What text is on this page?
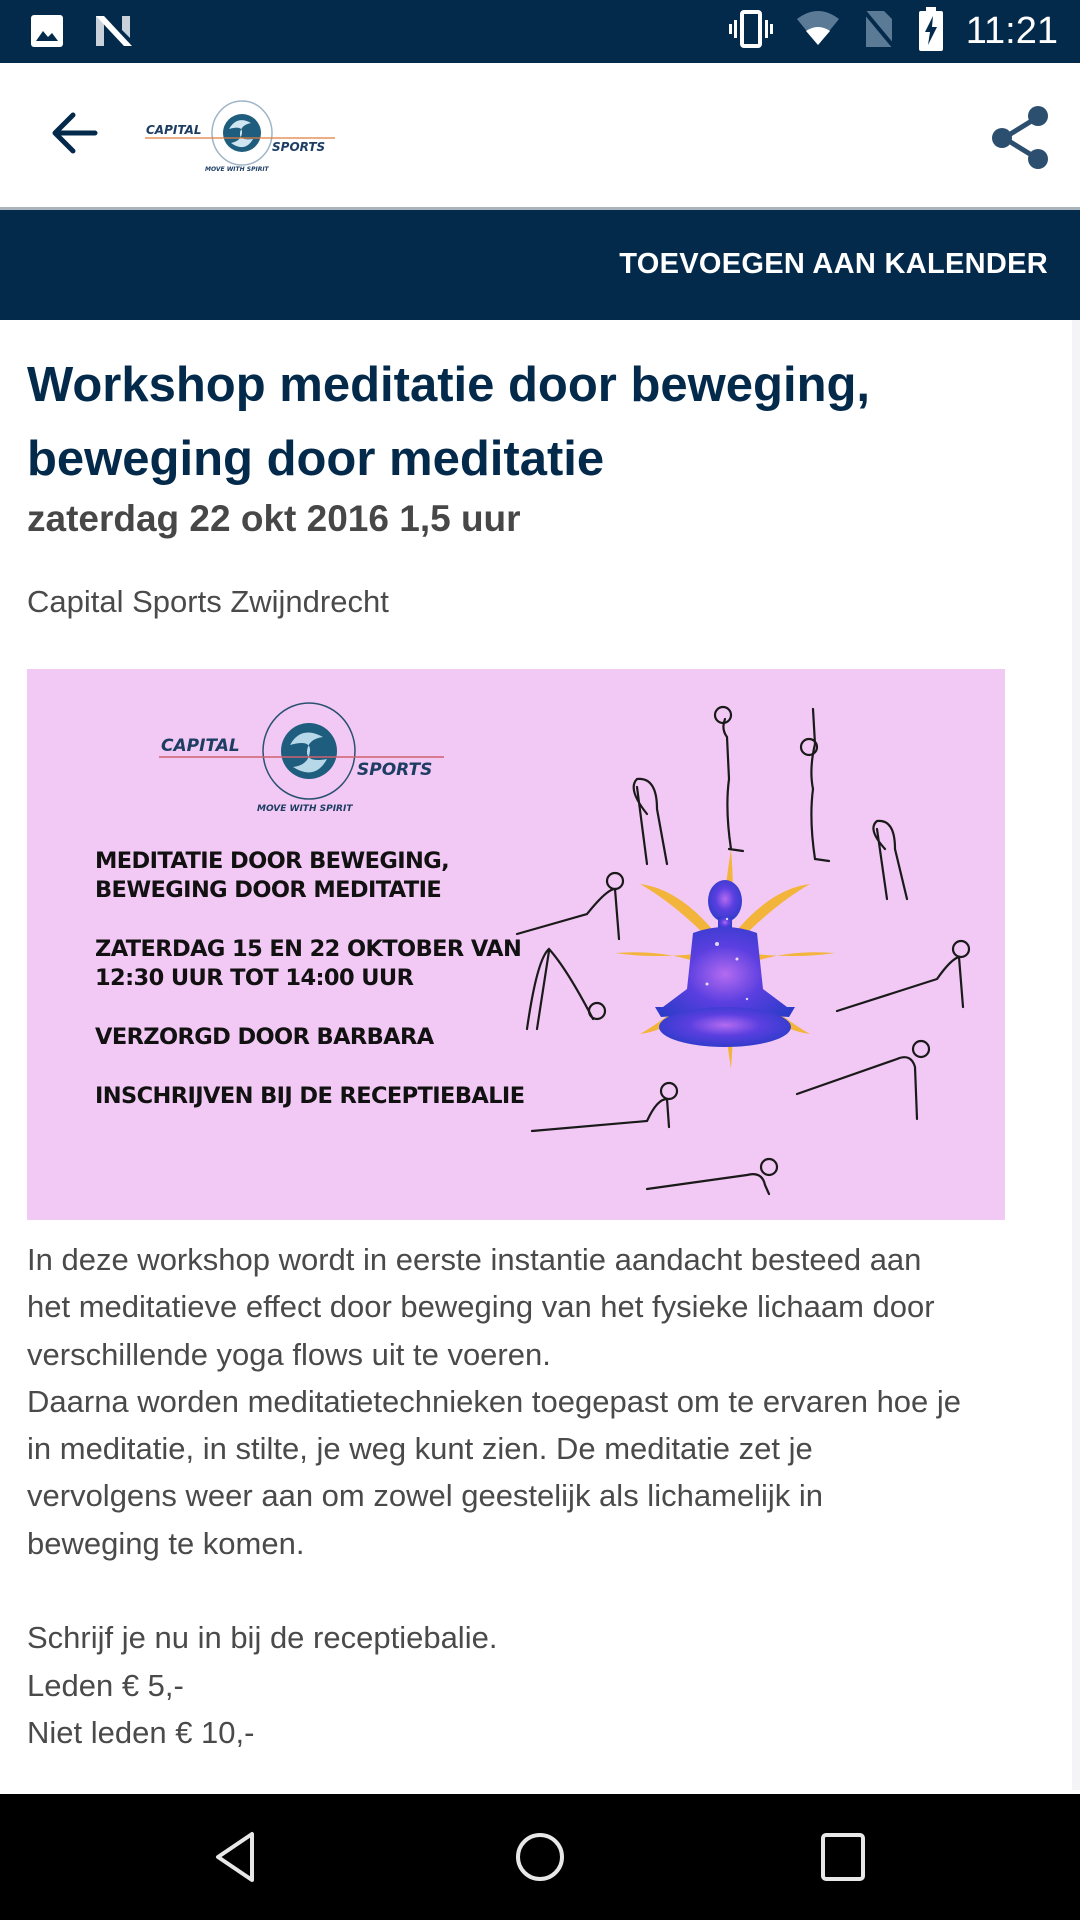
11:21
CAPITAL
SPORTS
MOVE WITH SPIRIT
TOEVOEGEN AAN KALENDER
Workshop meditatie door beweging, beweging door meditatie
zaterdag 22 okt 2016 1,5 uur
Capital Sports Zwijndrecht
CAPITAL
SPORTS
MOVE WITH SPIRIT
MEDITATIE DOOR BEWEGING,
BEWEGING DOOR MEDITATIE
ZATERDAG 15 EN 22 OKTOBER VAN
12:30 UUR TOT 14:00 UUR
VERZORGD DOOR BARBARA
INSCHRIJVEN BIJ DE RECEPTIEBALIE
In deze workshop wordt in eerste instantie aandacht besteed aan
het meditatieve effect door beweging van het fysieke lichaam door
verschillende yoga flows uit te voeren.
Daarna worden meditatietechnieken toegepast om te ervaren hoe je
in meditatie, in stilte, je weg kunt zien. De meditatie zet je
vervolgens weer aan om zowel geestelijk als lichamelijk in
beweging te komen.
Schrijf je nu in bij de receptiebalie.
Leden € 5,-
Niet leden € 10,-
